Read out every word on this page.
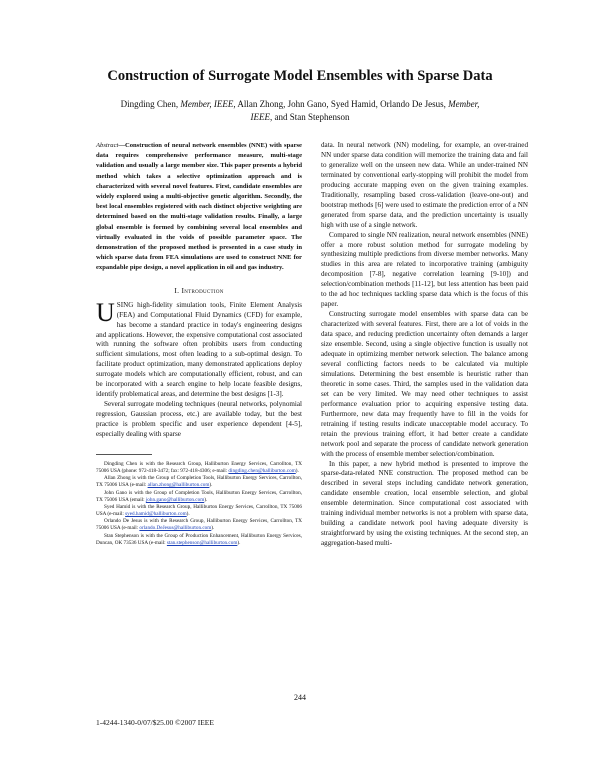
Construction of Surrogate Model Ensembles with Sparse Data

Dingding Chen, Member, IEEE, Allan Zhong, John Gano, Syed Hamid, Orlando De Jesus, Member,
IEEE, and Stan Stephenson

Abstract—Construction of neural network ensembles (NNE) with sparse data requires comprehensive performance measure, multi-stage validation and usually a large member size. This paper presents a hybrid method which takes a selective optimization approach and is characterized with several novel features. First, candidate ensembles are widely explored using a multi-objective genetic algorithm. Secondly, the best local ensembles registered with each distinct objective weighting are determined based on the multi-stage validation results. Finally, a large global ensemble is formed by combining several local ensembles and virtually evaluated in the voids of possible parameter space. The demonstration of the proposed method is presented in a case study in which sparse data from FEA simulations are used to construct NNE for expandable pipe design, a novel application in oil and gas industry.

I. Introduction

USING high-fidelity simulation tools, Finite Element Analysis (FEA) and Computational Fluid Dynamics (CFD) for example, has become a standard practice in today's engineering designs and applications. However, the expensive computational cost associated with running the software often prohibits users from conducting sufficient simulations, most often leading to a sub-optimal design. To facilitate product optimization, many demonstrated applications deploy surrogate models which are computationally efficient, robust, and can be incorporated with a search engine to help locate feasible designs, identify problematical areas, and determine the best designs [1-3].

Several surrogate modeling techniques (neural networks, polynomial regression, Gaussian process, etc.) are available today, but the best practice is problem specific and user experience dependent [4-5], especially dealing with sparse

Dingding Chen is with the Research Group, Halliburton Energy Services, Carrollton, TX 75006 USA (phone: 972-418-3472; fax: 972-418-4306; e-mail: dingding.chen@halliburton.com).

Allan Zhong is with the Group of Completion Tools, Halliburton Energy Services, Carrollton, TX 75006 USA (e-mail: allan.zhong@halliburton.com).

John Gano is with the Group of Completion Tools, Halliburton Energy Services, Carrollton, TX 75006 USA (email: john.gano@halliburton.com).

Syed Hamid is with the Research Group, Halliburton Energy Services, Carrollton, TX 75006 USA (e-mail: syed.hamid@halliburton.com).

Orlando De Jesus is with the Research Group, Halliburton Energy Services, Carrollton, TX 75006 USA (e-mail: orlando.DeJesus@halliburton.com).

Stan Stephenson is with the Group of Production Enhancement, Halliburton Energy Services, Duncan, OK 73536 USA (e-mail: stan.stephenson@halliburton.com).

data. In neural network (NN) modeling, for example, an over-trained NN under sparse data condition will memorize the training data and fail to generalize well on the unseen new data. While an under-trained NN terminated by conventional early-stopping will prohibit the model from producing accurate mapping even on the given training examples. Traditionally, resampling based cross-validation (leave-one-out) and bootstrap methods [6] were used to estimate the prediction error of a NN generated from sparse data, and the prediction uncertainty is usually high with use of a single network.

Compared to single NN realization, neural network ensembles (NNE) offer a more robust solution method for surrogate modeling by synthesizing multiple predictions from diverse member networks. Many studies in this area are related to incorporative training (ambiguity decomposition [7-8], negative correlation learning [9-10]) and selection/combination methods [11-12], but less attention has been paid to the ad hoc techniques tackling sparse data which is the focus of this paper.

Constructing surrogate model ensembles with sparse data can be characterized with several features. First, there are a lot of voids in the data space, and reducing prediction uncertainty often demands a larger size ensemble. Second, using a single objective function is usually not adequate in optimizing member network selection. The balance among several conflicting factors needs to be calculated via multiple simulations. Determining the best ensemble is heuristic rather than theoretic in some cases. Third, the samples used in the validation data set can be very limited. We may need other techniques to assist performance evaluation prior to acquiring expensive testing data. Furthermore, new data may frequently have to fill in the voids for retraining if testing results indicate unacceptable model accuracy. To retain the previous training effort, it had better create a candidate network pool and separate the process of candidate network generation with the process of ensemble member selection/combination.

In this paper, a new hybrid method is presented to improve the sparse-data-related NNE construction. The proposed method can be described in several steps including candidate network generation, candidate ensemble creation, local ensemble selection, and global ensemble determination. Since computational cost associated with training individual member networks is not a problem with sparse data, building a candidate network pool having adequate diversity is straightforward by using the existing techniques. At the second step, an aggregation-based multi-

244
1-4244-1340-0/07/$25.00 ©2007 IEEE
